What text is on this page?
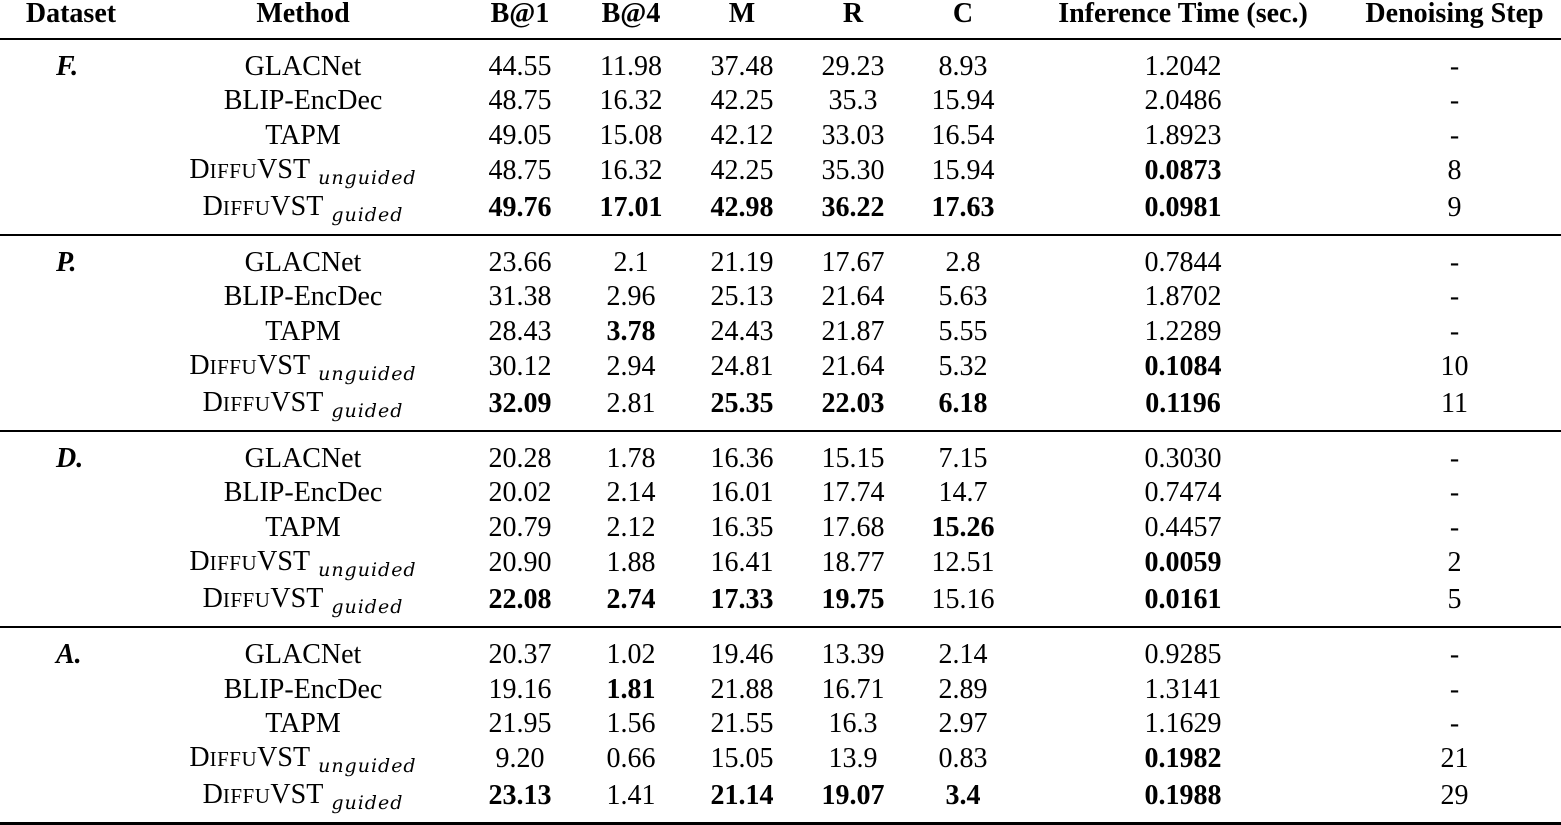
Dataset	Method	B@1	B@4	M	R	C	Inference Time (sec.)	Denoising Step
F.	GLACNet	44.55	11.98	37.48	29.23	8.93	1.2042	-
	BLIP-EncDec	48.75	16.32	42.25	35.3	15.94	2.0486	-
	TAPM	49.05	15.08	42.12	33.03	16.54	1.8923	-
	DIFFUVST $_{unguided}$	48.75	16.32	42.25	35.30	15.94	0.0873	8
	DIFFUVST $_{guided}$	49.76	17.01	42.98	36.22	17.63	0.0981	9
P.	GLACNet	23.66	2.1	21.19	17.67	2.8	0.7844	-
	BLIP-EncDec	31.38	2.96	25.13	21.64	5.63	1.8702	-
	TAPM	28.43	3.78	24.43	21.87	5.55	1.2289	-
	DIFFUVST $_{unguided}$	30.12	2.94	24.81	21.64	5.32	0.1084	10
	DIFFUVST $_{guided}$	32.09	2.81	25.35	22.03	6.18	0.1196	11
D.	GLACNet	20.28	1.78	16.36	15.15	7.15	0.3030	-
	BLIP-EncDec	20.02	2.14	16.01	17.74	14.7	0.7474	-
	TAPM	20.79	2.12	16.35	17.68	15.26	0.4457	-
	DIFFUVST $_{unguided}$	20.90	1.88	16.41	18.77	12.51	0.0059	2
	DIFFUVST $_{guided}$	22.08	2.74	17.33	19.75	15.16	0.0161	5
A.	GLACNet	20.37	1.02	19.46	13.39	2.14	0.9285	-
	BLIP-EncDec	19.16	1.81	21.88	16.71	2.89	1.3141	-
	TAPM	21.95	1.56	21.55	16.3	2.97	1.1629	-
	DIFFUVST $_{unguided}$	9.20	0.66	15.05	13.9	0.83	0.1982	21
	DIFFUVST $_{guided}$	23.13	1.41	21.14	19.07	3.4	0.1988	29
